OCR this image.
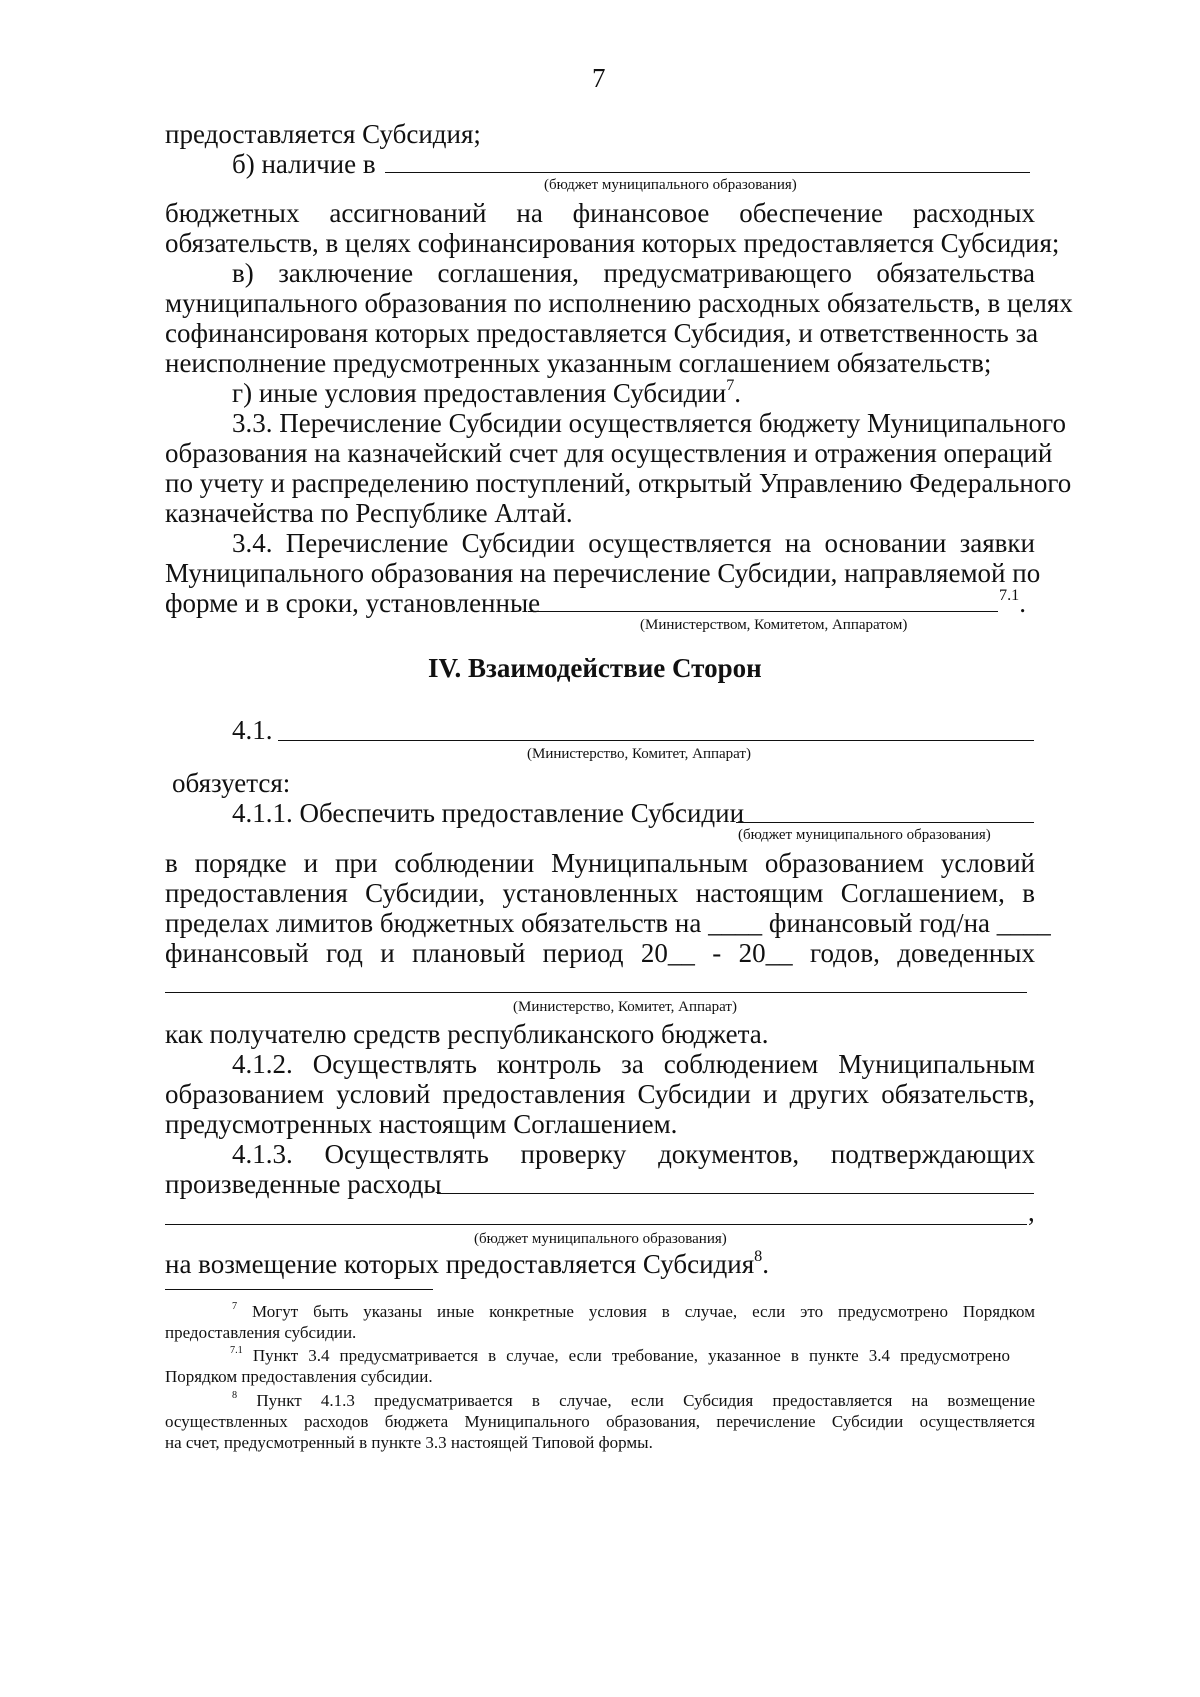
7
предоставляется Субсидия;
б) наличие в
(бюджет муниципального образования)
бюджетных ассигнований на финансовое обеспечение расходных
обязательств, в целях софинансирования которых предоставляется Субсидия;
в) заключение соглашения, предусматривающего обязательства
муниципального образования по исполнению расходных обязательств, в целях
софинансированя которых предоставляется Субсидия, и ответственность за
неисполнение предусмотренных указанным соглашением обязательств;
г) иные условия предоставления Субсидии$^7$.
3.3. Перечисление Субсидии осуществляется бюджету Муниципального
образования на казначейский счет для осуществления и отражения операций
по учету и распределению поступлений, открытый Управлению Федерального
казначейства по Республике Алтай.
3.4. Перечисление Субсидии осуществляется на основании заявки
Муниципального образования на перечисление Субсидии, направляемой по
форме и в сроки, установленные	$^{7.1}$.
(Министерством, Комитетом, Аппаратом)
IV. Взаимодействие Сторон
4.1.
(Министерство, Комитет, Аппарат)
обязуется:
4.1.1. Обеспечить предоставление Субсидии
(бюджет муниципального образования)
в порядке и при соблюдении Муниципальным образованием условий
предоставления Субсидии, установленных настоящим Соглашением, в
пределах лимитов бюджетных обязательств на ____ финансовый год/на ____
финансовый год и плановый период 20__ - 20__ годов, доведенных
(Министерство, Комитет, Аппарат)
как получателю средств республиканского бюджета.
4.1.2. Осуществлять контроль за соблюдением Муниципальным
образованием условий предоставления Субсидии и других обязательств,
предусмотренных настоящим Соглашением.
4.1.3. Осуществлять проверку документов, подтверждающих
произведенные расходы
,
(бюджет муниципального образования)
на возмещение которых предоставляется Субсидия$^8$.
$^7$ Могут быть указаны иные конкретные условия в случае, если это предусмотрено Порядком
предоставления субсидии.
$^{7.1}$ Пункт 3.4 предусматривается в случае, если требование, указанное в пункте 3.4 предусмотрено
Порядком предоставления субсидии.
$^8$ Пункт 4.1.3 предусматривается в случае, если Субсидия предоставляется на возмещение
осуществленных расходов бюджета Муниципального образования, перечисление Субсидии осуществляется
на счет, предусмотренный в пункте 3.3 настоящей Типовой формы.
